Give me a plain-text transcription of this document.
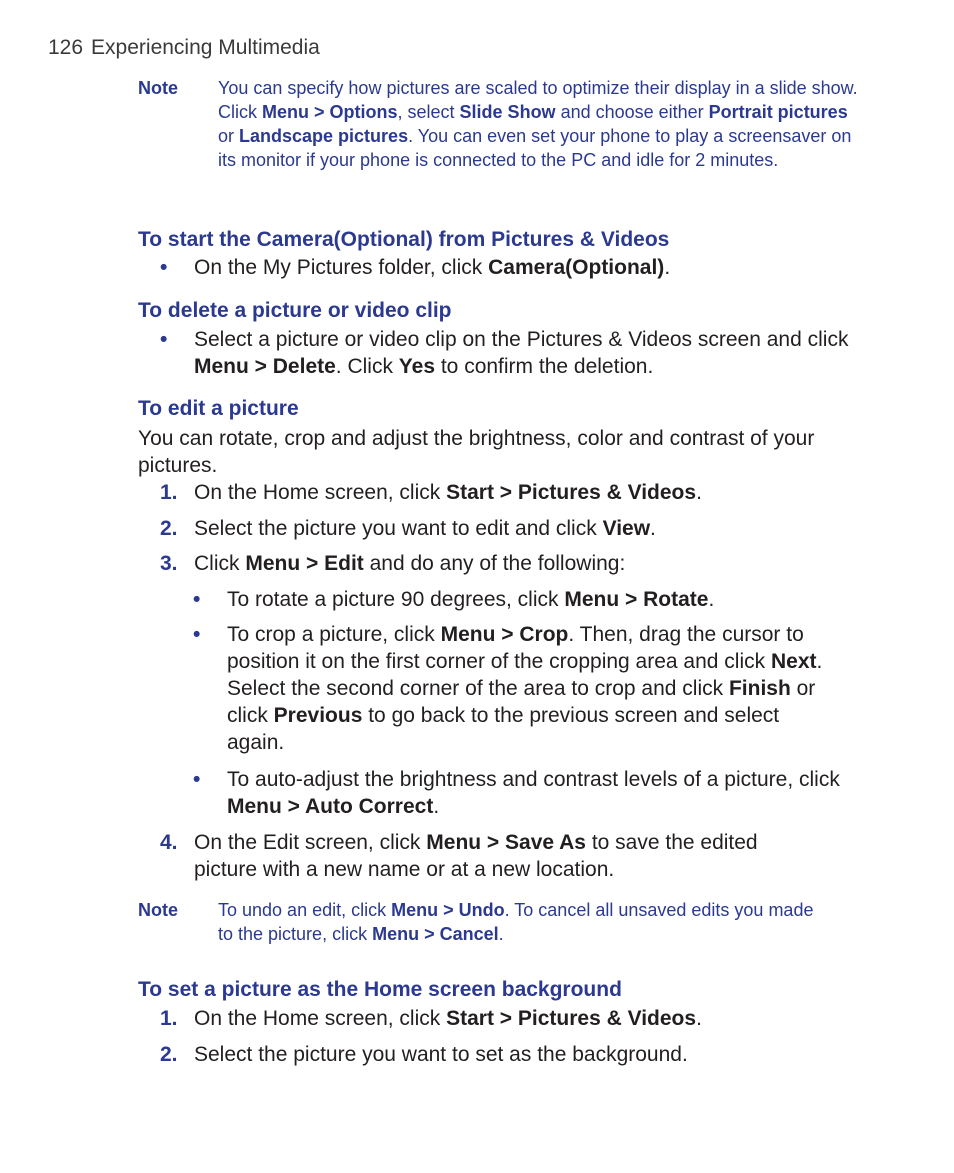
126 Experiencing Multimedia
Note You can specify how pictures are scaled to optimize their display in a slide show. Click Menu > Options, select Slide Show and choose either Portrait pictures or Landscape pictures. You can even set your phone to play a screensaver on its monitor if your phone is connected to the PC and idle for 2 minutes.
To start the Camera(Optional) from Pictures & Videos
• On the My Pictures folder, click Camera(Optional).
To delete a picture or video clip
• Select a picture or video clip on the Pictures & Videos screen and click Menu > Delete. Click Yes to confirm the deletion.
To edit a picture

You can rotate, crop and adjust the brightness, color and contrast of your pictures.

1. On the Home screen, click Start > Pictures & Videos.
2. Select the picture you want to edit and click View.
3. Click Menu > Edit and do any of the following:
• To rotate a picture 90 degrees, click Menu > Rotate.
• To crop a picture, click Menu > Crop. Then, drag the cursor to position it on the first corner of the cropping area and click Next. Select the second corner of the area to crop and click Finish or click Previous to go back to the previous screen and select again.
• To auto-adjust the brightness and contrast levels of a picture, click Menu > Auto Correct.
4. On the Edit screen, click Menu > Save As to save the edited picture with a new name or at a new location.
Note To undo an edit, click Menu > Undo. To cancel all unsaved edits you made to the picture, click Menu > Cancel.
To set a picture as the Home screen background
1. On the Home screen, click Start > Pictures & Videos.
2. Select the picture you want to set as the background.
